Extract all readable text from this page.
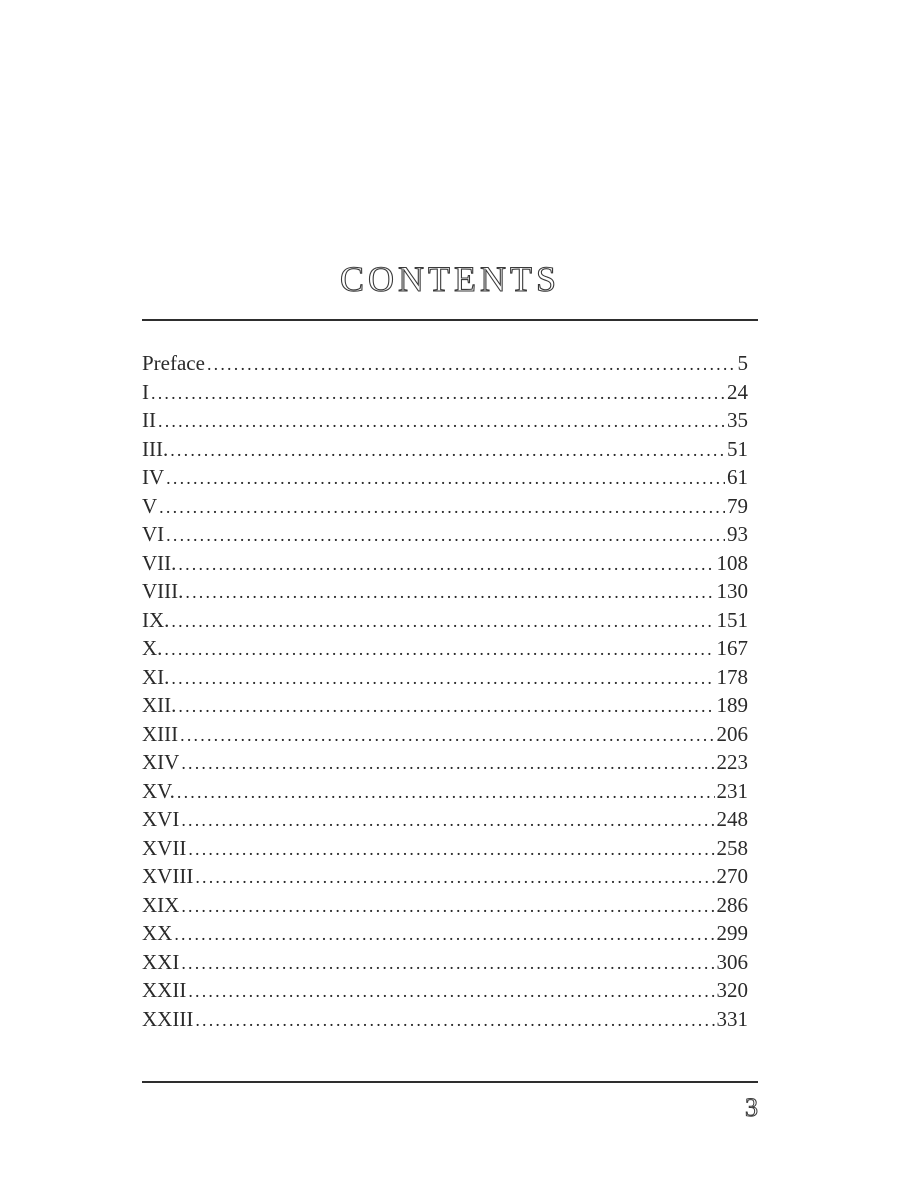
CONTENTS
Preface .....	5
I .....	24
II .....	35
III. .....	51
IV .....	61
V .....	79
VI .....	93
VII. .....	108
VIII. .....	130
IX. .....	151
X. .....	167
XI. .....	178
XII. .....	189
XIII .....	206
XIV .....	223
XV. .....	231
XVI .....	248
XVII .....	258
XVIII .....	270
XIX .....	286
XX .....	299
XXI .....	306
XXII .....	320
XXIII .....	331
3
